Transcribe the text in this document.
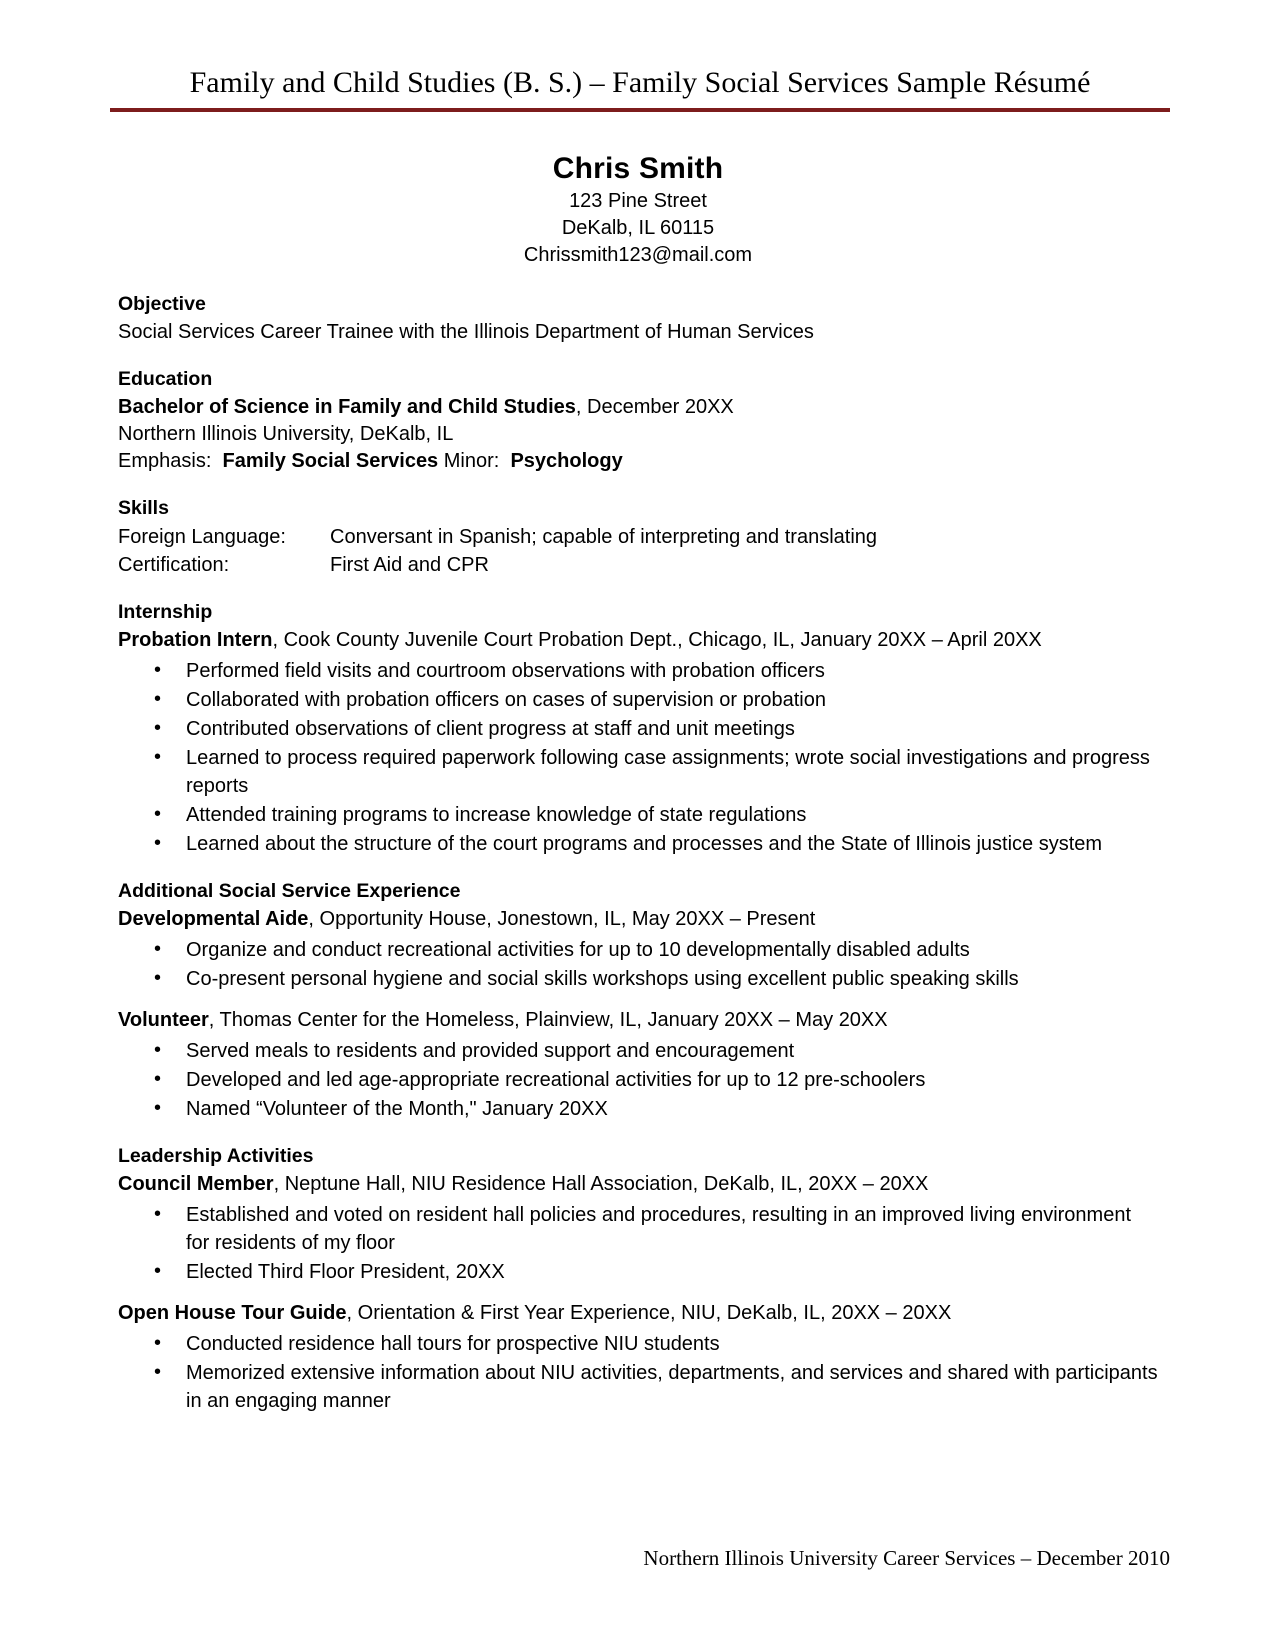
Family and Child Studies (B. S.) – Family Social Services Sample Résumé
Chris Smith
123 Pine Street
DeKalb, IL 60115
Chrissmith123@mail.com
Objective
Social Services Career Trainee with the Illinois Department of Human Services
Education
Bachelor of Science in Family and Child Studies, December 20XX
Northern Illinois University, DeKalb, IL
Emphasis: Family Social Services Minor: Psychology
Skills
Foreign Language:	Conversant in Spanish; capable of interpreting and translating
Certification:	First Aid and CPR
Internship
Probation Intern, Cook County Juvenile Court Probation Dept., Chicago, IL, January 20XX – April 20XX
• Performed field visits and courtroom observations with probation officers
• Collaborated with probation officers on cases of supervision or probation
• Contributed observations of client progress at staff and unit meetings
• Learned to process required paperwork following case assignments; wrote social investigations and progress reports
• Attended training programs to increase knowledge of state regulations
• Learned about the structure of the court programs and processes and the State of Illinois justice system
Additional Social Service Experience
Developmental Aide, Opportunity House, Jonestown, IL, May 20XX – Present
• Organize and conduct recreational activities for up to 10 developmentally disabled adults
• Co-present personal hygiene and social skills workshops using excellent public speaking skills
Volunteer, Thomas Center for the Homeless, Plainview, IL, January 20XX – May 20XX
• Served meals to residents and provided support and encouragement
• Developed and led age-appropriate recreational activities for up to 12 pre-schoolers
• Named “Volunteer of the Month," January 20XX
Leadership Activities
Council Member, Neptune Hall, NIU Residence Hall Association, DeKalb, IL, 20XX – 20XX
• Established and voted on resident hall policies and procedures, resulting in an improved living environment for residents of my floor
• Elected Third Floor President, 20XX
Open House Tour Guide, Orientation & First Year Experience, NIU, DeKalb, IL, 20XX – 20XX
• Conducted residence hall tours for prospective NIU students
• Memorized extensive information about NIU activities, departments, and services and shared with participants in an engaging manner
Northern Illinois University Career Services – December 2010
